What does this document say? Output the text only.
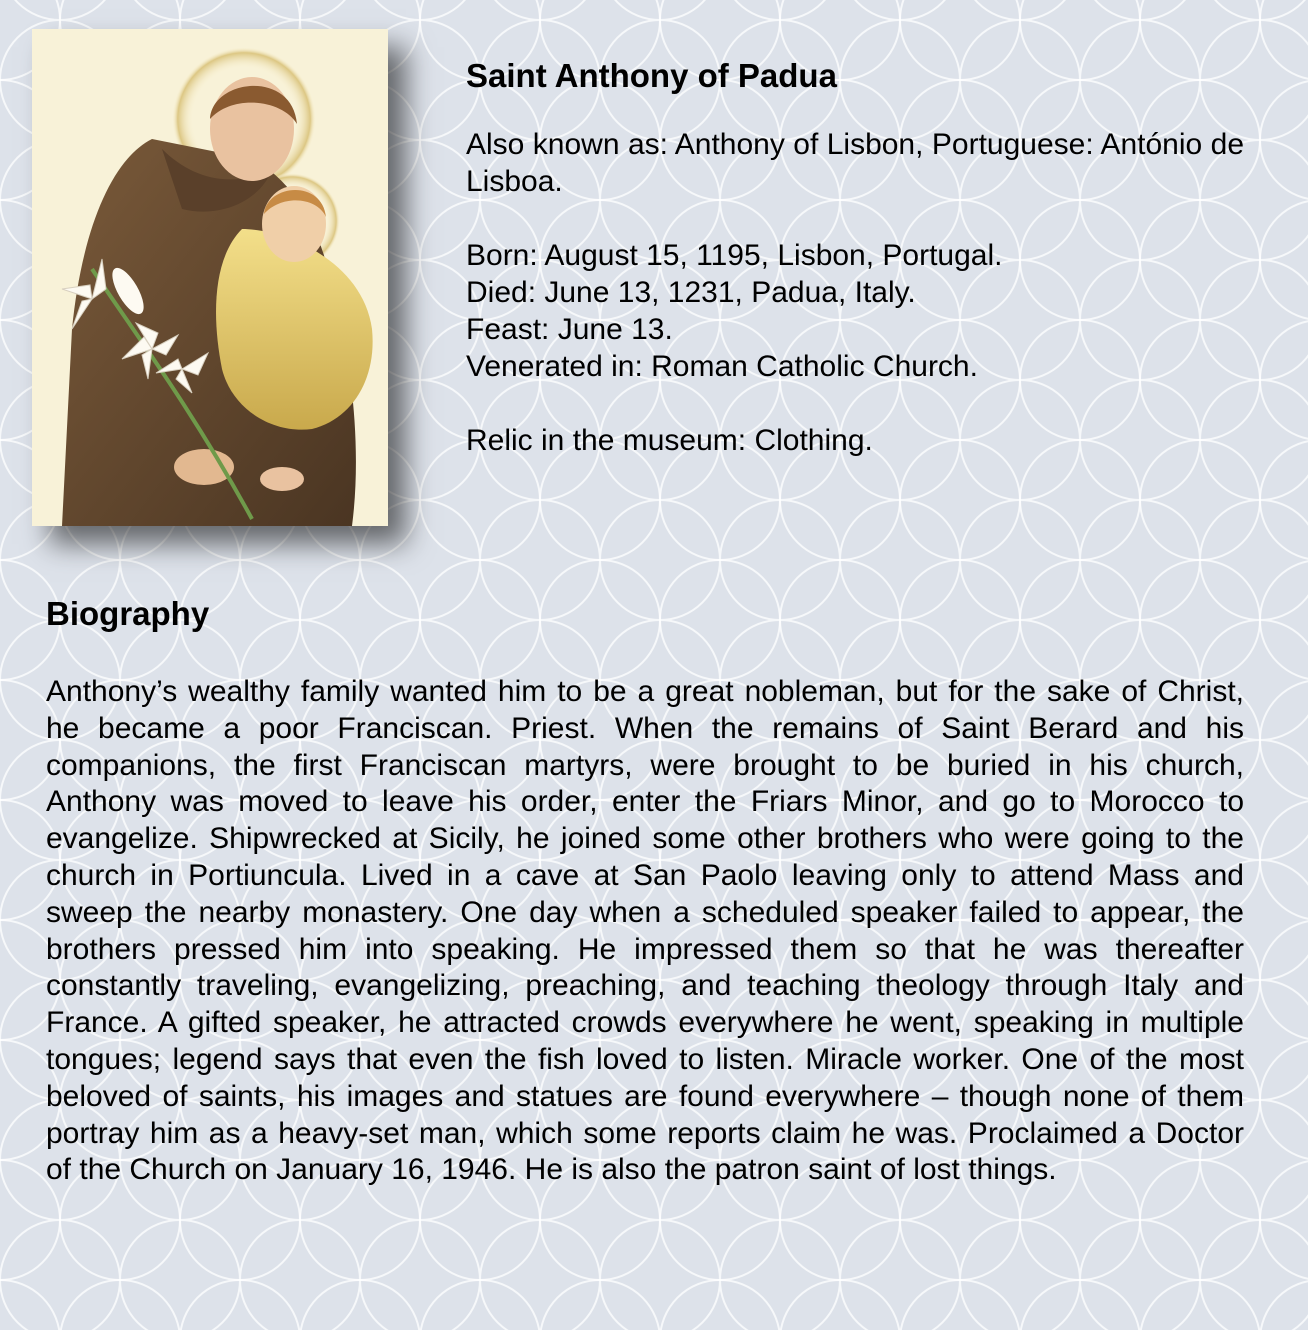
Saint Anthony of Padua

Also known as: Anthony of Lisbon, Portuguese: António de Lisboa.

Born: August 15, 1195, Lisbon, Portugal.

Died: June 13, 1231, Padua, Italy.

Feast: June 13.

Venerated in: Roman Catholic Church.

Relic in the museum: Clothing.

Biography

Anthony’s wealthy family wanted him to be a great nobleman, but for the sake of Christ, he became a poor Franciscan. Priest. When the remains of Saint Berard and his companions, the first Franciscan martyrs, were brought to be buried in his church, Anthony was moved to leave his order, enter the Friars Minor, and go to Morocco to evangelize. Shipwrecked at Sicily, he joined some other brothers who were going to the church in Portiuncula. Lived in a cave at San Paolo leaving only to attend Mass and sweep the nearby monastery. One day when a scheduled speaker failed to appear, the brothers pressed him into speaking. He impressed them so that he was thereafter constantly traveling, evangelizing, preaching, and teaching theology through Italy and France. A gifted speaker, he attracted crowds everywhere he went, speaking in multiple tongues; legend says that even the fish loved to listen. Miracle worker. One of the most beloved of saints, his images and statues are found everywhere – though none of them portray him as a heavy-set man, which some reports claim he was. Proclaimed a Doctor of the Church on January 16, 1946. He is also the patron saint of lost things.
